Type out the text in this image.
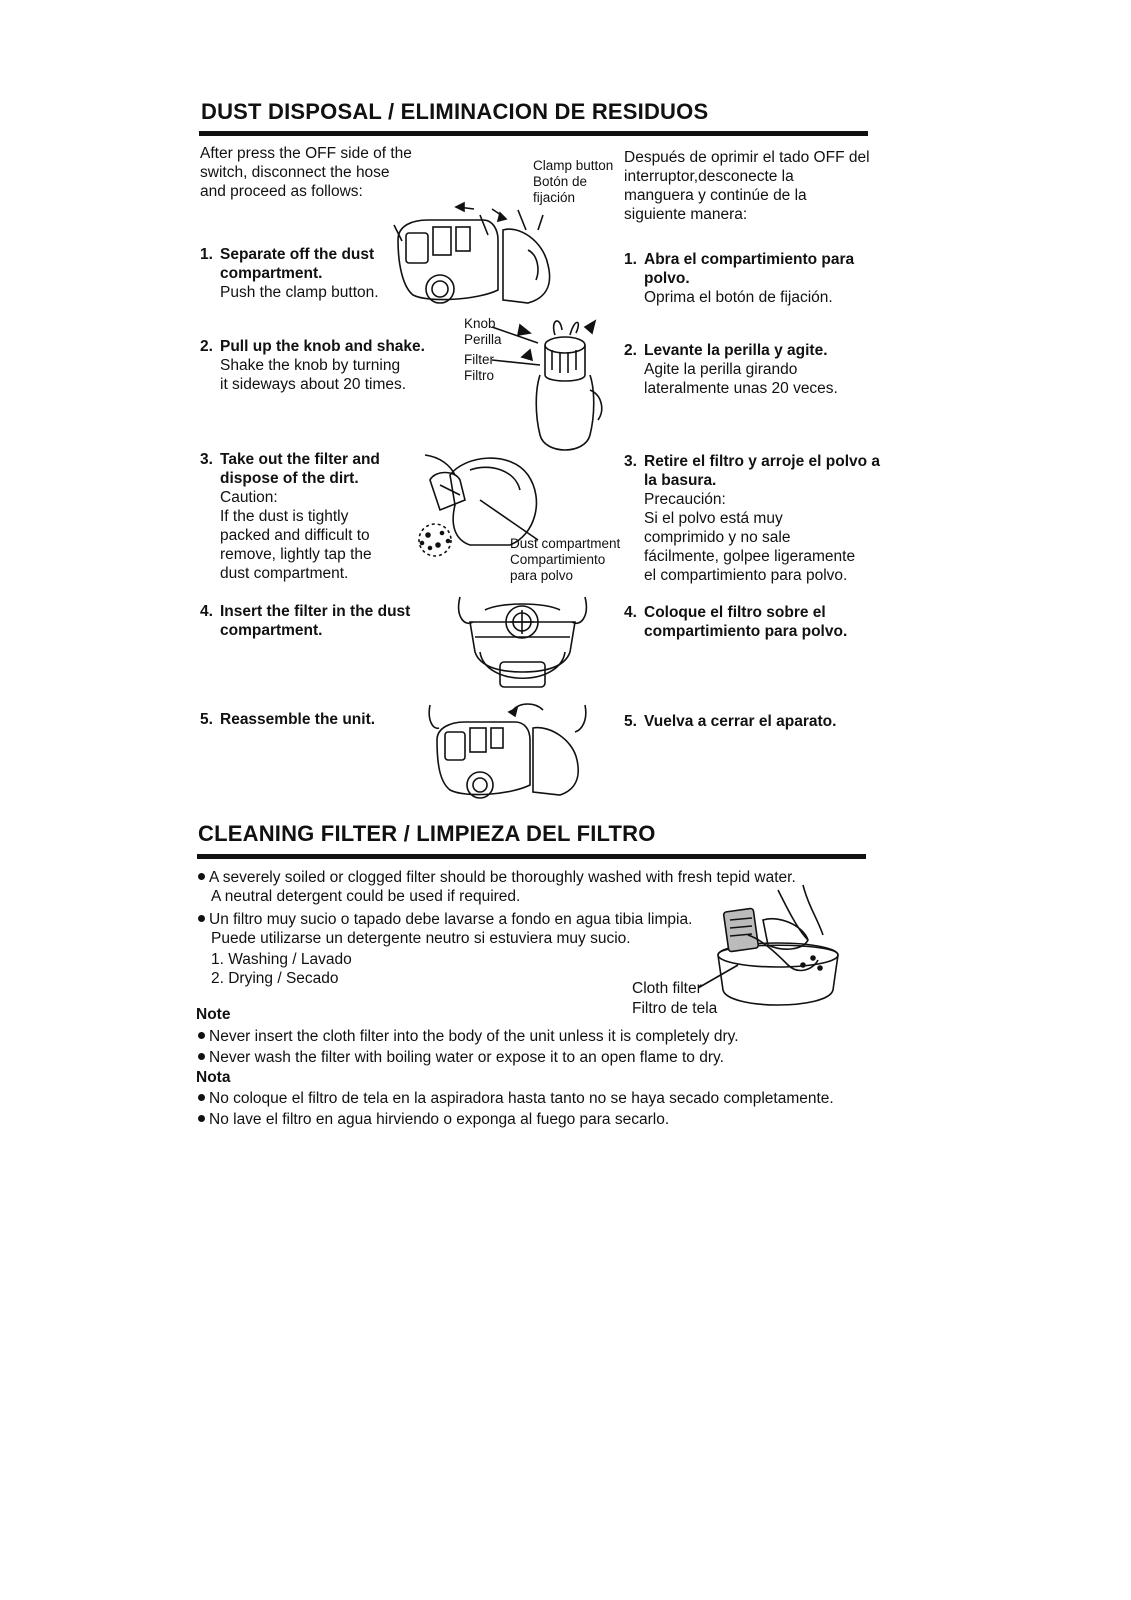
DUST DISPOSAL / ELIMINACION DE RESIDUOS
After press the OFF side of the
switch, disconnect the hose
and proceed as follows:
Clamp button
Botón de
fijación
Después de oprimir el tado OFF del
interruptor,desconecte la
manguera y continúe de la
siguiente manera:
1. Separate off the dust
compartment.
Push the clamp button.
2. Pull up the knob and shake.
Shake the knob by turning
it sideways about 20 times.
3. Take out the filter and
dispose of the dirt.
Caution:
If the dust is tightly
packed and difficult to
remove, lightly tap the
dust compartment.
4. Insert the filter in the dust
compartment.
5. Reassemble the unit.
1. Abra el compartimiento para
polvo.
Oprima el botón de fijación.
2. Levante la perilla y agite.
Agite la perilla girando
lateralmente unas 20 veces.
3. Retire el filtro y arroje el polvo a
la basura.
Precaución:
Si el polvo está muy
comprimido y no sale
fácilmente, golpee ligeramente
el compartimiento para polvo.
4. Coloque el filtro sobre el
compartimiento para polvo.
5. Vuelva a cerrar el aparato.
Knob
Perilla
Filter
Filtro
Dust compartment
Compartimiento
para polvo
CLEANING FILTER / LIMPIEZA DEL FILTRO
A severely soiled or clogged filter should be thoroughly washed with fresh tepid water.
A neutral detergent could be used if required.
Un filtro muy sucio o tapado debe lavarse a fondo en agua tibia limpia.
Puede utilizarse un detergente neutro si estuviera muy sucio.
1. Washing / Lavado
2. Drying / Secado
Cloth filter
Filtro de tela
Note
Never insert the cloth filter into the body of the unit unless it is completely dry.
Never wash the filter with boiling water or expose it to an open flame to dry.
Nota
No coloque el filtro de tela en la aspiradora hasta tanto no se haya secado completamente.
No lave el filtro en agua hirviendo o exponga al fuego para secarlo.
